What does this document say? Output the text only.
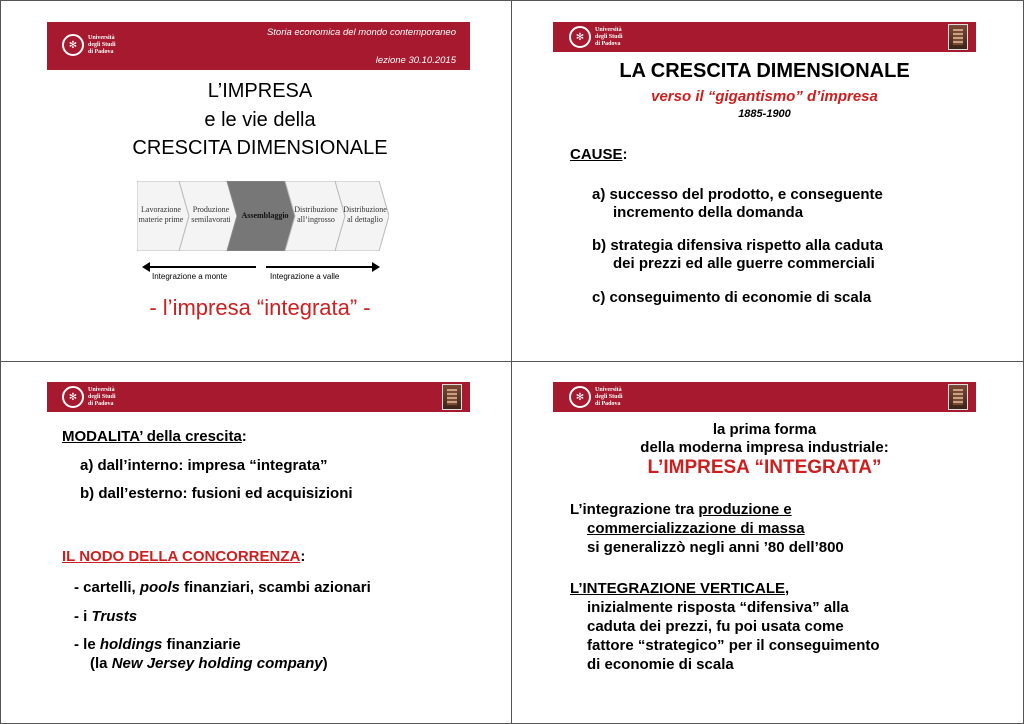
✻
Università
degli Studi
di Padova
Storia economica del mondo contemporaneo
lezione 30.10.2015
L’IMPRESA
e le vie della
CRESCITA DIMENSIONALE
Lavorazione materie prime
Produzione semilavorati	Assemblaggio
Distribuzione all’ingrosso
Distribuzione al dettaglio
Integrazione a monte	Integrazione a valle
- l’impresa “integrata” -
✻
Università
degli Studi
di Padova
LA CRESCITA DIMENSIONALE
verso il “gigantismo” d’impresa
1885-1900
CAUSE:
a) successo del prodotto, e conseguente
incremento della domanda
b) strategia difensiva rispetto alla caduta
dei prezzi ed alle guerre commerciali
c) conseguimento di economie di scala
✻
Università
degli Studi
di Padova
MODALITA’ della crescita:
a) dall’interno: impresa “integrata”
b) dall’esterno: fusioni ed acquisizioni
IL NODO DELLA CONCORRENZA:
- cartelli, pools finanziari, scambi azionari
- i Trusts
- le holdings finanziarie
(la New Jersey holding company)
✻
Università
degli Studi
di Padova
la prima forma
della moderna impresa industriale:
L’IMPRESA “INTEGRATA”
L’integrazione tra produzione e
commercializzazione di massa
si generalizzò negli anni ’80 dell’800
L’INTEGRAZIONE VERTICALE,
inizialmente risposta “difensiva” alla
caduta dei prezzi, fu poi usata come
fattore “strategico” per il conseguimento
di economie di scala
